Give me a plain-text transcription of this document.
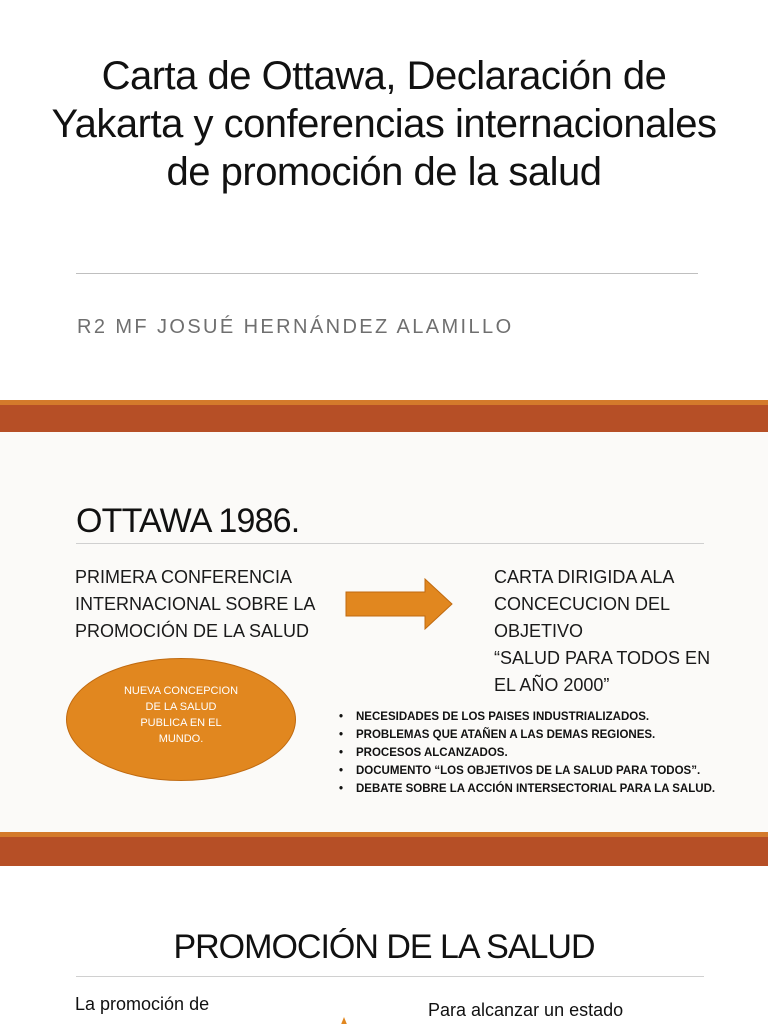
Carta de Ottawa, Declaración de Yakarta y conferencias internacionales de promoción de la salud
R2 MF JOSUÉ HERNÁNDEZ ALAMILLO
OTTAWA 1986.
PRIMERA CONFERENCIA INTERNACIONAL SOBRE LA PROMOCIÓN DE LA SALUD
CARTA DIRIGIDA ALA CONCECUCION DEL OBJETIVO
“SALUD PARA TODOS EN EL AÑO 2000”
NUEVA CONCEPCION DE LA SALUD PUBLICA EN EL MUNDO.
• NECESIDADES DE LOS PAISES INDUSTRIALIZADOS.
• PROBLEMAS QUE ATAÑEN A LAS DEMAS REGIONES.
• PROCESOS ALCANZADOS.
• DOCUMENTO “LOS OBJETIVOS DE LA SALUD PARA TODOS”.
• DEBATE SOBRE LA ACCIÓN INTERSECTORIAL PARA LA SALUD.
PROMOCIÓN DE LA SALUD
La promoción de	Para alcanzar un estado
